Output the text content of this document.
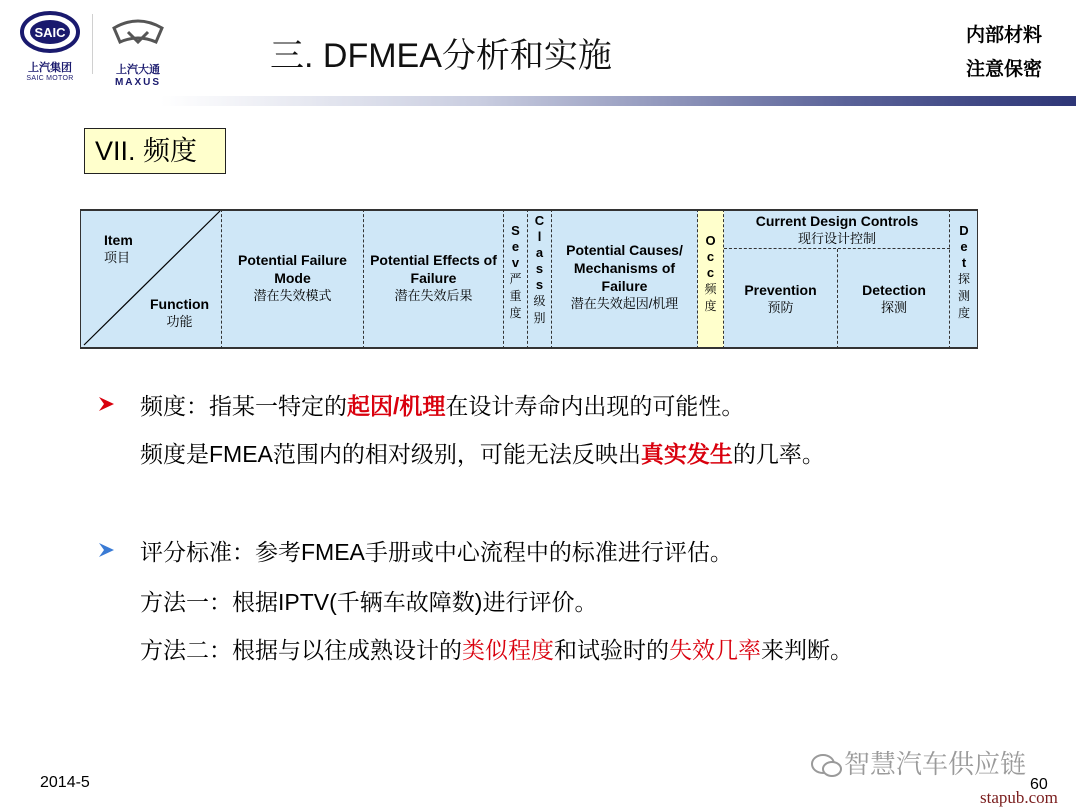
SAIC
上汽集团
SAIC MOTOR
上汽大通
MAXUS
三. DFMEA分析和实施
内部材料
注意保密
VII. 频度
Item
项目
Function
功能
Potential Failure Mode
潜在失效模式
Potential Effects of Failure
潜在失效后果
S
e
v
严
重
度
C
l
a
s
s
级
别
Potential Causes/ Mechanisms of Failure
潜在失效起因/机理
O
c
c
频
度
Current Design Controls
现行设计控制
Prevention
预防
Detection
探测
D
e
t
探
测
度
频度：指某一特定的起因/机理在设计寿命内出现的可能性。
频度是FMEA范围内的相对级别，可能无法反映出真实发生的几率。
评分标准：参考FMEA手册或中心流程中的标准进行评估。
方法一：根据IPTV(千辆车故障数)进行评价。
方法二：根据与以往成熟设计的类似程度和试验时的失效几率来判断。
2014-5
智慧汽车供应链
60
stapub.com
